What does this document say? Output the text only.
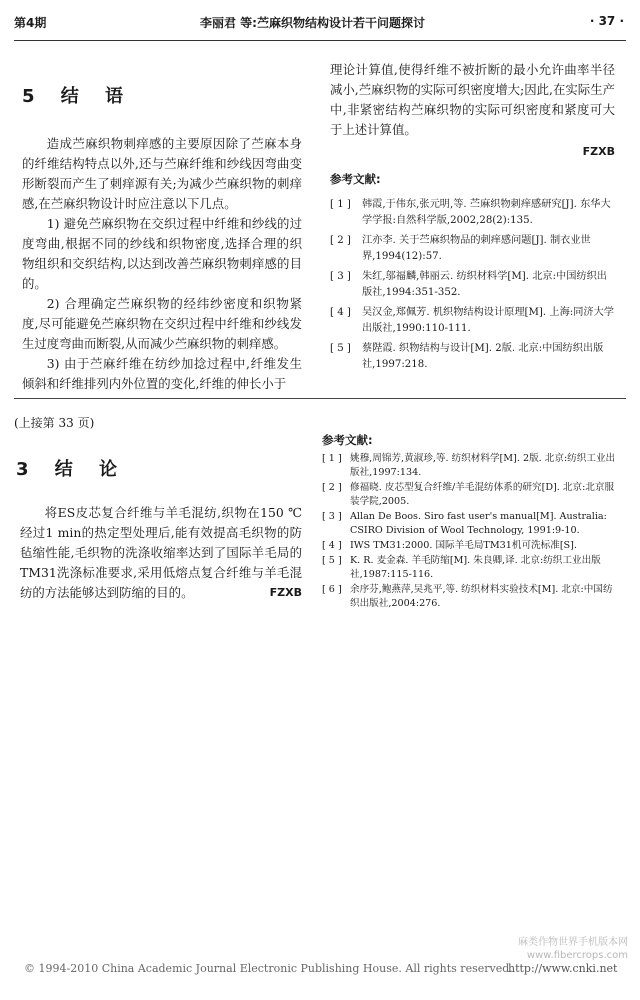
第4期	李丽君 等:苎麻织物结构设计若干问题探讨	· 37 ·
5 结 语

造成苎麻织物刺痒感的主要原因除了苎麻本身的纤维结构特点以外,还与苎麻纤维和纱线因弯曲变形断裂而产生了刺痒源有关;为减少苎麻织物的刺痒感,在苎麻织物设计时应注意以下几点。

1) 避免苎麻织物在交织过程中纤维和纱线的过度弯曲,根据不同的纱线和织物密度,选择合理的织物组织和交织结构,以达到改善苎麻织物刺痒感的目的。

2) 合理确定苎麻织物的经纬纱密度和织物紧度,尽可能避免苎麻织物在交织过程中纤维和纱线发生过度弯曲而断裂,从而减少苎麻织物的刺痒感。

3) 由于苎麻纤维在纺纱加捻过程中,纤维发生倾斜和纤维排列内外位置的变化,纤维的伸长小于

理论计算值,使得纤维不被折断的最小允许曲率半径减小,苎麻织物的实际可织密度增大;因此,在实际生产中,非紧密结构苎麻织物的实际可织密度和紧度可大于上述计算值。

FZXB
参考文献:
[ 1 ] 韩霞,于伟东,张元明,等. 苎麻织物刺痒感研究[J]. 东华大学学报:自然科学版,2002,28(2):135.
[ 2 ] 江亦李. 关于苎麻织物品的刺痒感问题[J]. 制衣业世界,1994(12):57.
[ 3 ] 朱红,邬福麟,韩丽云. 纺织材料学[M]. 北京:中国纺织出版社,1994:351-352.
[ 4 ] 吴汉金,郑佩芳. 机织物结构设计原理[M]. 上海:同济大学出版社,1990:110-111.
[ 5 ] 蔡陛霞. 织物结构与设计[M]. 2版. 北京:中国纺织出版社,1997:218.
(上接第 33 页)
3 结 论

将ES皮芯复合纤维与羊毛混纺,织物在150 ℃经过1 min的热定型处理后,能有效提高毛织物的防毡缩性能,毛织物的洗涤收缩率达到了国际羊毛局的TM31洗涤标准要求,采用低熔点复合纤维与羊毛混纺的方法能够达到防缩的目的。	FZXB

参考文献:
[ 1 ] 姚穆,周锦芳,黄淑珍,等. 纺织材料学[M]. 2版. 北京:纺织工业出版社,1997:134.
[ 2 ] 修福晓. 皮芯型复合纤维/羊毛混纺体系的研究[D]. 北京:北京服装学院,2005.
[ 3 ] Allan De Boos. Siro fast user's manual[M]. Australia: CSIRO Division of Wool Technology, 1991:9-10.
[ 4 ] IWS TM31:2000. 国际羊毛局TM31机可洗标准[S].
[ 5 ] K. R. 麦金森. 羊毛防缩[M]. 朱良卿,译. 北京:纺织工业出版社,1987:115-116.
[ 6 ] 余序芬,鲍燕萍,吴兆平,等. 纺织材料实验技术[M]. 北京:中国纺织出版社,2004:276.
© 1994-2010 China Academic Journal Electronic Publishing House. All rights reserved.
http://www.cnki.net
麻类作物世界手机版本网
www.fibercrops.com
